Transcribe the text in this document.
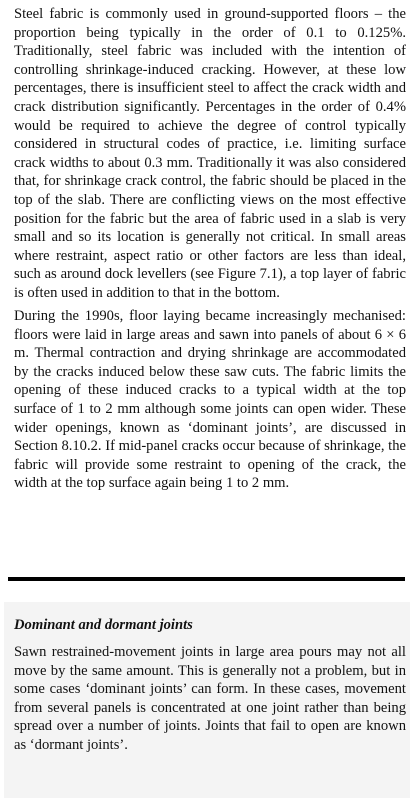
Steel fabric is commonly used in ground-supported floors – the proportion being typically in the order of 0.1 to 0.125%. Traditionally, steel fabric was included with the intention of controlling shrinkage-induced cracking. However, at these low percentages, there is insufficient steel to affect the crack width and crack distribution significantly. Percentages in the order of 0.4% would be required to achieve the degree of control typically considered in structural codes of practice, i.e. limiting surface crack widths to about 0.3 mm. Traditionally it was also considered that, for shrinkage crack control, the fabric should be placed in the top of the slab. There are conflicting views on the most effective position for the fabric but the area of fabric used in a slab is very small and so its location is generally not critical. In small areas where restraint, aspect ratio or other factors are less than ideal, such as around dock levellers (see Figure 7.1), a top layer of fabric is often used in addition to that in the bottom.

During the 1990s, floor laying became increasingly mechanised: floors were laid in large areas and sawn into panels of about 6 × 6 m. Thermal contraction and drying shrinkage are accommodated by the cracks induced below these saw cuts. The fabric limits the opening of these induced cracks to a typical width at the top surface of 1 to 2 mm although some joints can open wider. These wider openings, known as ‘dominant joints’, are discussed in Section 8.10.2. If mid-panel cracks occur because of shrinkage, the fabric will provide some restraint to opening of the crack, the width at the top surface again being 1 to 2 mm.

Dominant and dormant joints

Sawn restrained-movement joints in large area pours may not all move by the same amount. This is generally not a problem, but in some cases ‘dominant joints’ can form. In these cases, movement from several panels is concentrated at one joint rather than being spread over a number of joints. Joints that fail to open are known as ‘dormant joints’.
